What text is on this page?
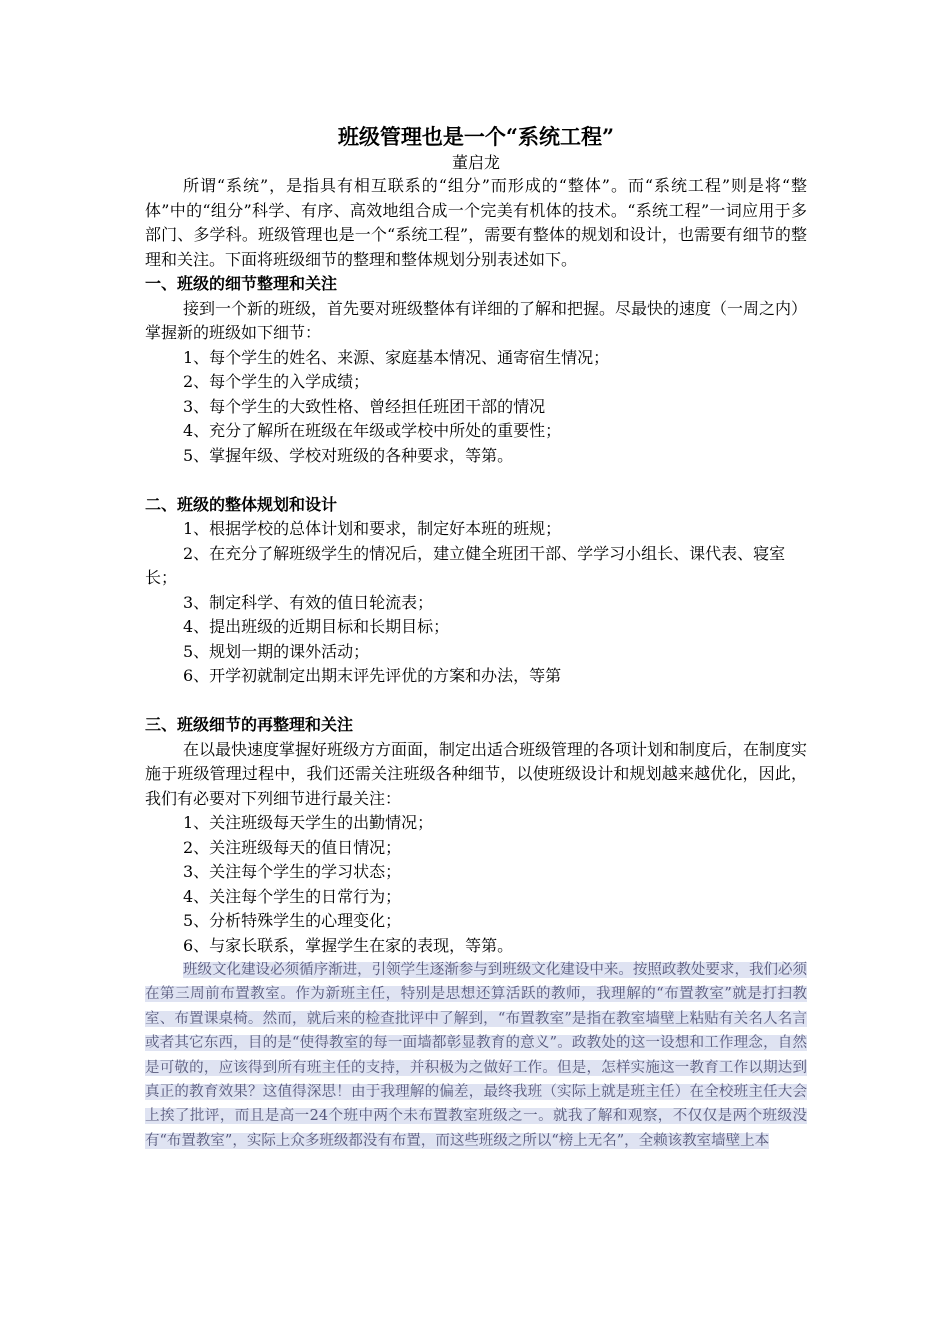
班级管理也是一个“系统工程”
董启龙

所谓“系统”，是指具有相互联系的“组分”而形成的“整体”。而“系统工程”则是将“整体”中的“组分”科学、有序、高效地组合成一个完美有机体的技术。“系统工程”一词应用于多部门、多学科。班级管理也是一个“系统工程”，需要有整体的规划和设计，也需要有细节的整理和关注。下面将班级细节的整理和整体规划分别表述如下。

一、班级的细节整理和关注

接到一个新的班级，首先要对班级整体有详细的了解和把握。尽最快的速度（一周之内）掌握新的班级如下细节：

1、每个学生的姓名、来源、家庭基本情况、通寄宿生情况；

2、每个学生的入学成绩；

3、每个学生的大致性格、曾经担任班团干部的情况

4、充分了解所在班级在年级或学校中所处的重要性；

5、掌握年级、学校对班级的各种要求，等第。

二、班级的整体规划和设计

1、根据学校的总体计划和要求，制定好本班的班规；

2、在充分了解班级学生的情况后，建立健全班团干部、学学习小组长、课代表、寝室长；

3、制定科学、有效的值日轮流表；

4、提出班级的近期目标和长期目标；

5、规划一期的课外活动；

6、开学初就制定出期末评先评优的方案和办法，等第

三、班级细节的再整理和关注

在以最快速度掌握好班级方方面面，制定出适合班级管理的各项计划和制度后，在制度实施于班级管理过程中，我们还需关注班级各种细节，以使班级设计和规划越来越优化，因此，我们有必要对下列细节进行最关注：

1、关注班级每天学生的出勤情况；

2、关注班级每天的值日情况；

3、关注每个学生的学习状态；

4、关注每个学生的日常行为；

5、分析特殊学生的心理变化；

6、与家长联系，掌握学生在家的表现，等第。

班级文化建设必须循序渐进，引领学生逐渐参与到班级文化建设中来。按照政教处要求，我们必须在第三周前布置教室。作为新班主任，特别是思想还算活跃的教师，我理解的“布置教室”就是打扫教室、布置课桌椅。然而，就后来的检查批评中了解到，“布置教室”是指在教室墙壁上粘贴有关名人名言或者其它东西，目的是“使得教室的每一面墙都彰显教育的意义”。政教处的这一设想和工作理念，自然是可敬的，应该得到所有班主任的支持，并积极为之做好工作。但是，怎样实施这一教育工作以期达到真正的教育效果？这值得深思！由于我理解的偏差，最终我班（实际上就是班主任）在全校班主任大会上挨了批评，而且是高一24个班中两个未布置教室班级之一。就我了解和观察，不仅仅是两个班级没有“布置教室”，实际上众多班级都没有布置，而这些班级之所以“榜上无名”，全赖该教室墙壁上本
